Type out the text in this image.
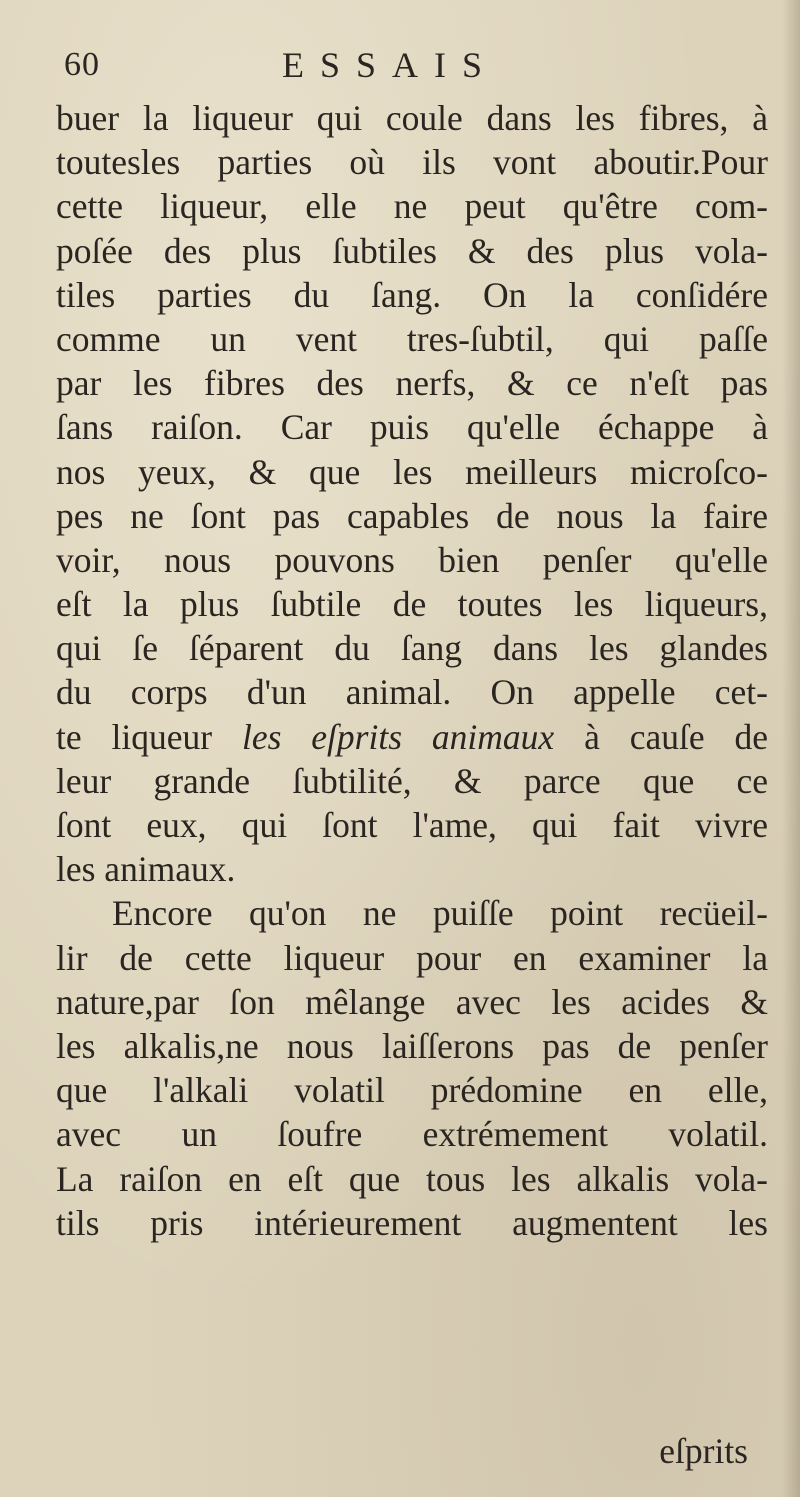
60	ESSAIS
buer la liqueur qui coule dans les fibres, à
toutesles parties où ils vont aboutir.Pour
cette liqueur, elle ne peut qu'être com-
poſée des plus ſubtiles & des plus vola-
tiles parties du ſang. On la conſidére
comme un vent tres-ſubtil, qui paſſe
par les fibres des nerfs, & ce n'eſt pas
ſans raiſon. Car puis qu'elle échappe à
nos yeux, & que les meilleurs microſco-
pes ne ſont pas capables de nous la faire
voir, nous pouvons bien penſer qu'elle
eſt la plus ſubtile de toutes les liqueurs,
qui ſe ſéparent du ſang dans les glandes
du corps d'un animal. On appelle cet-
te liqueur les eſprits animaux à cauſe de
leur grande ſubtilité, & parce que ce
ſont eux, qui ſont l'ame, qui fait vivre
les animaux.
Encore qu'on ne puiſſe point recüeil-
lir de cette liqueur pour en examiner la
nature,par ſon mêlange avec les acides &
les alkalis,ne nous laiſſerons pas de penſer
que l'alkali volatil prédomine en elle,
avec un ſoufre extrémement volatil.
La raiſon en eſt que tous les alkalis vola-
tils pris intérieurement augmentent les
eſprits
